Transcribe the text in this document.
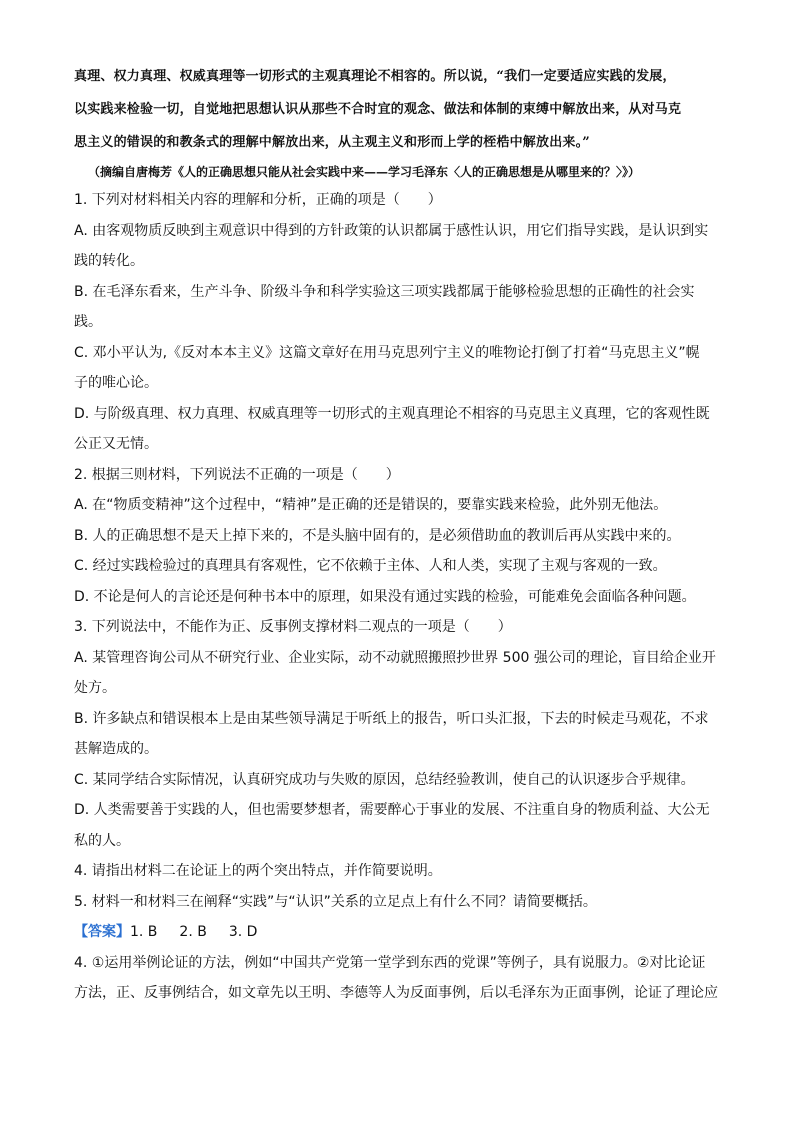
真理、权力真理、权威真理等一切形式的主观真理论不相容的。所以说，“我们一定要适应实践的发展，

以实践来检验一切，自觉地把思想认识从那些不合时宜的观念、做法和体制的束缚中解放出来，从对马克

思主义的错误的和教条式的理解中解放出来，从主观主义和形而上学的桎梏中解放出来。”

（摘编自唐梅芳《人的正确思想只能从社会实践中来——学习毛泽东〈人的正确思想是从哪里来的？〉》）

1. 下列对材料相关内容的理解和分析，正确的项是（　　）

A. 由客观物质反映到主观意识中得到的方针政策的认识都属于感性认识，用它们指导实践，是认识到实

践的转化。

B. 在毛泽东看来，生产斗争、阶级斗争和科学实验这三项实践都属于能够检验思想的正确性的社会实

践。

C. 邓小平认为,《反对本本主义》这篇文章好在用马克思列宁主义的唯物论打倒了打着“马克思主义”幌

子的唯心论。

D. 与阶级真理、权力真理、权威真理等一切形式的主观真理论不相容的马克思主义真理，它的客观性既

公正又无情。

2. 根据三则材料，下列说法不正确的一项是（　　）

A. 在“物质变精神”这个过程中，“精神”是正确的还是错误的，要靠实践来检验，此外别无他法。

B. 人的正确思想不是天上掉下来的，不是头脑中固有的，是必须借助血的教训后再从实践中来的。

C. 经过实践检验过的真理具有客观性，它不依赖于主体、人和人类，实现了主观与客观的一致。

D. 不论是何人的言论还是何种书本中的原理，如果没有通过实践的检验，可能难免会面临各种问题。

3. 下列说法中，不能作为正、反事例支撑材料二观点的一项是（　　）

A. 某管理咨询公司从不研究行业、企业实际，动不动就照搬照抄世界 500 强公司的理论，盲目给企业开

处方。

B. 许多缺点和错误根本上是由某些领导满足于听纸上的报告，听口头汇报，下去的时候走马观花，不求

甚解造成的。

C. 某同学结合实际情况，认真研究成功与失败的原因，总结经验教训，使自己的认识逐步合乎规律。

D. 人类需要善于实践的人，但也需要梦想者，需要醉心于事业的发展、不注重自身的物质利益、大公无

私的人。

4. 请指出材料二在论证上的两个突出特点，并作简要说明。

5. 材料一和材料三在阐释“实践”与“认识”关系的立足点上有什么不同？请简要概括。

【答案】1. B 2. B 3. D

4. ①运用举例论证的方法，例如“中国共产党第一堂学到东西的党课”等例子，具有说服力。②对比论证

方法，正、反事例结合，如文章先以王明、李德等人为反面事例，后以毛泽东为正面事例，论证了理论应
